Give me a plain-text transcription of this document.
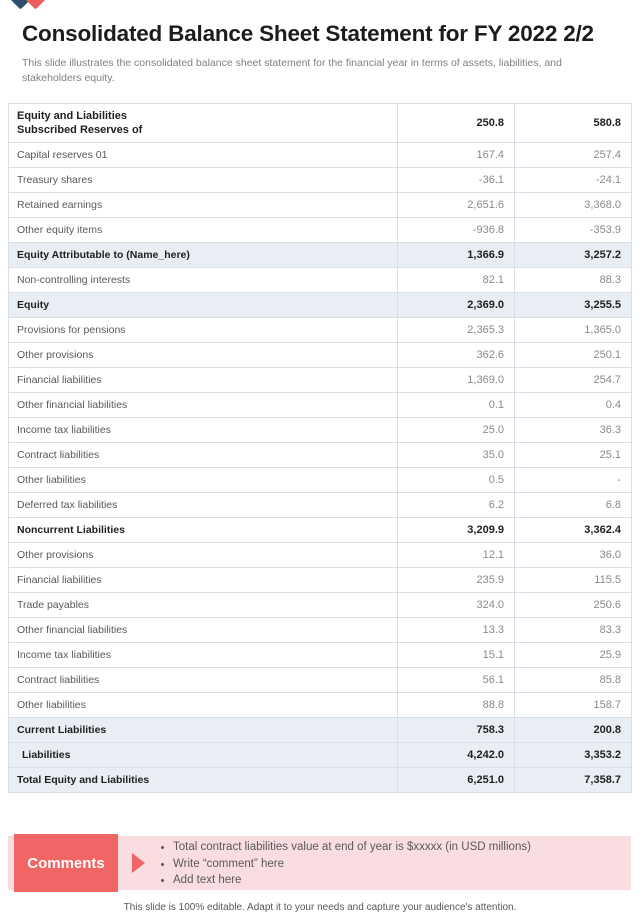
Consolidated Balance Sheet Statement for FY 2022 2/2
This slide illustrates the consolidated balance sheet statement for the financial year in terms of assets, liabilities, and stakeholders equity.
Equity and Liabilities
Subscribed Reserves of	250.8	580.8
Capital reserves 01	167.4	257.4
Treasury shares	-36.1	-24.1
Retained earnings	2,651.6	3,368.0
Other equity items	-936.8	-353.9
Equity Attributable to (Name_here)	1,366.9	3,257.2
Non-controlling interests	82.1	88.3
Equity	2,369.0	3,255.5
Provisions for pensions	2,365.3	1,365.0
Other provisions	362.6	250.1
Financial liabilities	1,369.0	254.7
Other financial liabilities	0.1	0.4
Income tax liabilities	25.0	36.3
Contract liabilities	35.0	25.1
Other liabilities	0.5	-
Deferred tax liabilities	6.2	6.8
Noncurrent Liabilities	3,209.9	3,362.4
Other provisions	12.1	36.0
Financial liabilities	235.9	115.5
Trade payables	324.0	250.6
Other financial liabilities	13.3	83.3
Income tax liabilities	15.1	25.9
Contract liabilities	56.1	85.8
Other liabilities	88.8	158.7
Current Liabilities	758.3	200.8
Liabilities	4,242.0	3,353.2
Total Equity and Liabilities	6,251.0	7,358.7
Comments
• Total contract liabilities value at end of year is $xxxxx (in USD millions)
• Write “comment” here
• Add text here
This slide is 100% editable. Adapt it to your needs and capture your audience's attention.
